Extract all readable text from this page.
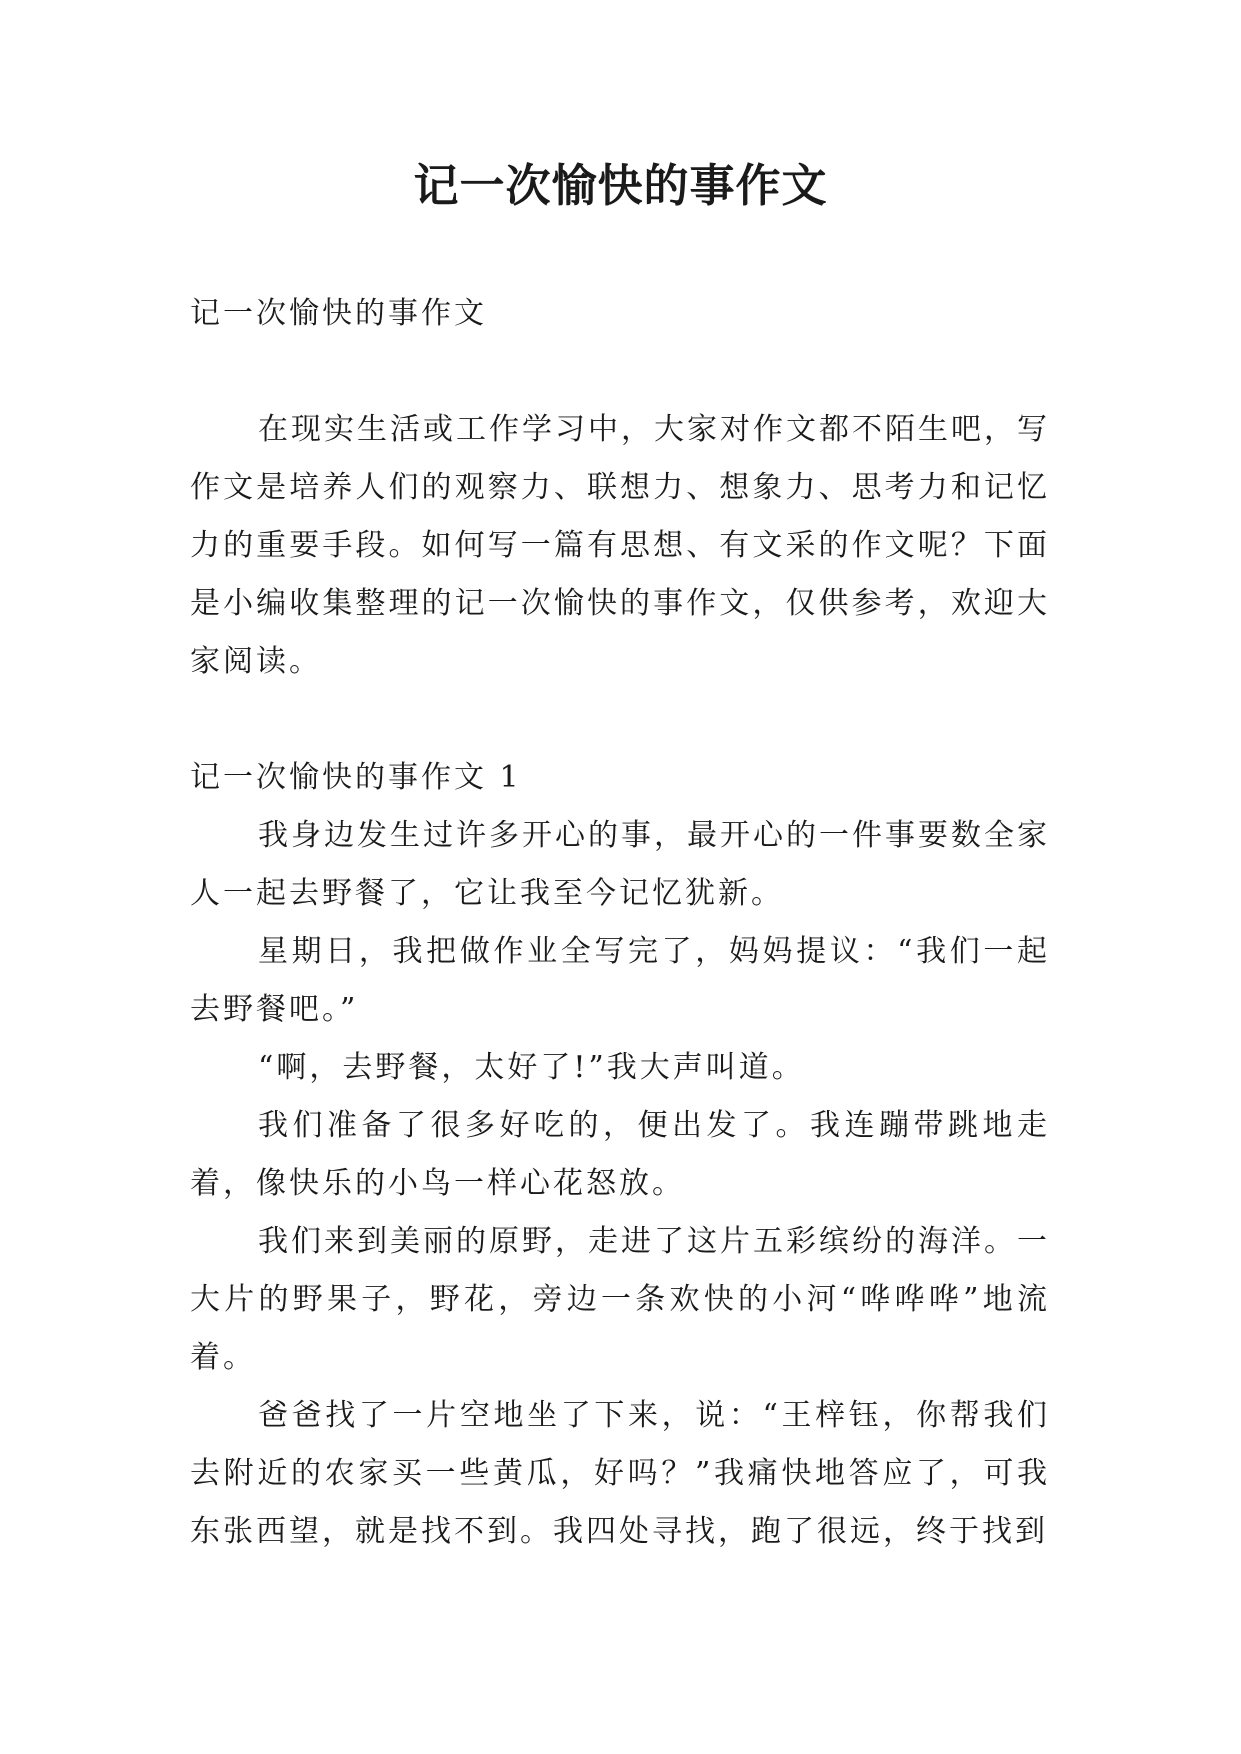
记一次愉快的事作文

记一次愉快的事作文

在现实生活或工作学习中，大家对作文都不陌生吧，写作文是培养人们的观察力、联想力、想象力、思考力和记忆力的重要手段。如何写一篇有思想、有文采的作文呢？下面是小编收集整理的记一次愉快的事作文，仅供参考，欢迎大家阅读。

记一次愉快的事作文 1

我身边发生过许多开心的事，最开心的一件事要数全家人一起去野餐了，它让我至今记忆犹新。

星期日，我把做作业全写完了，妈妈提议：“我们一起去野餐吧。”

“啊，去野餐，太好了!”我大声叫道。

我们准备了很多好吃的，便出发了。我连蹦带跳地走着，像快乐的小鸟一样心花怒放。

我们来到美丽的原野，走进了这片五彩缤纷的海洋。一大片的野果子，野花，旁边一条欢快的小河“哗哗哗”地流着。

爸爸找了一片空地坐了下来，说：“王梓钰，你帮我们去附近的农家买一些黄瓜，好吗？”我痛快地答应了，可我东张西望，就是找不到。我四处寻找，跑了很远，终于找到
